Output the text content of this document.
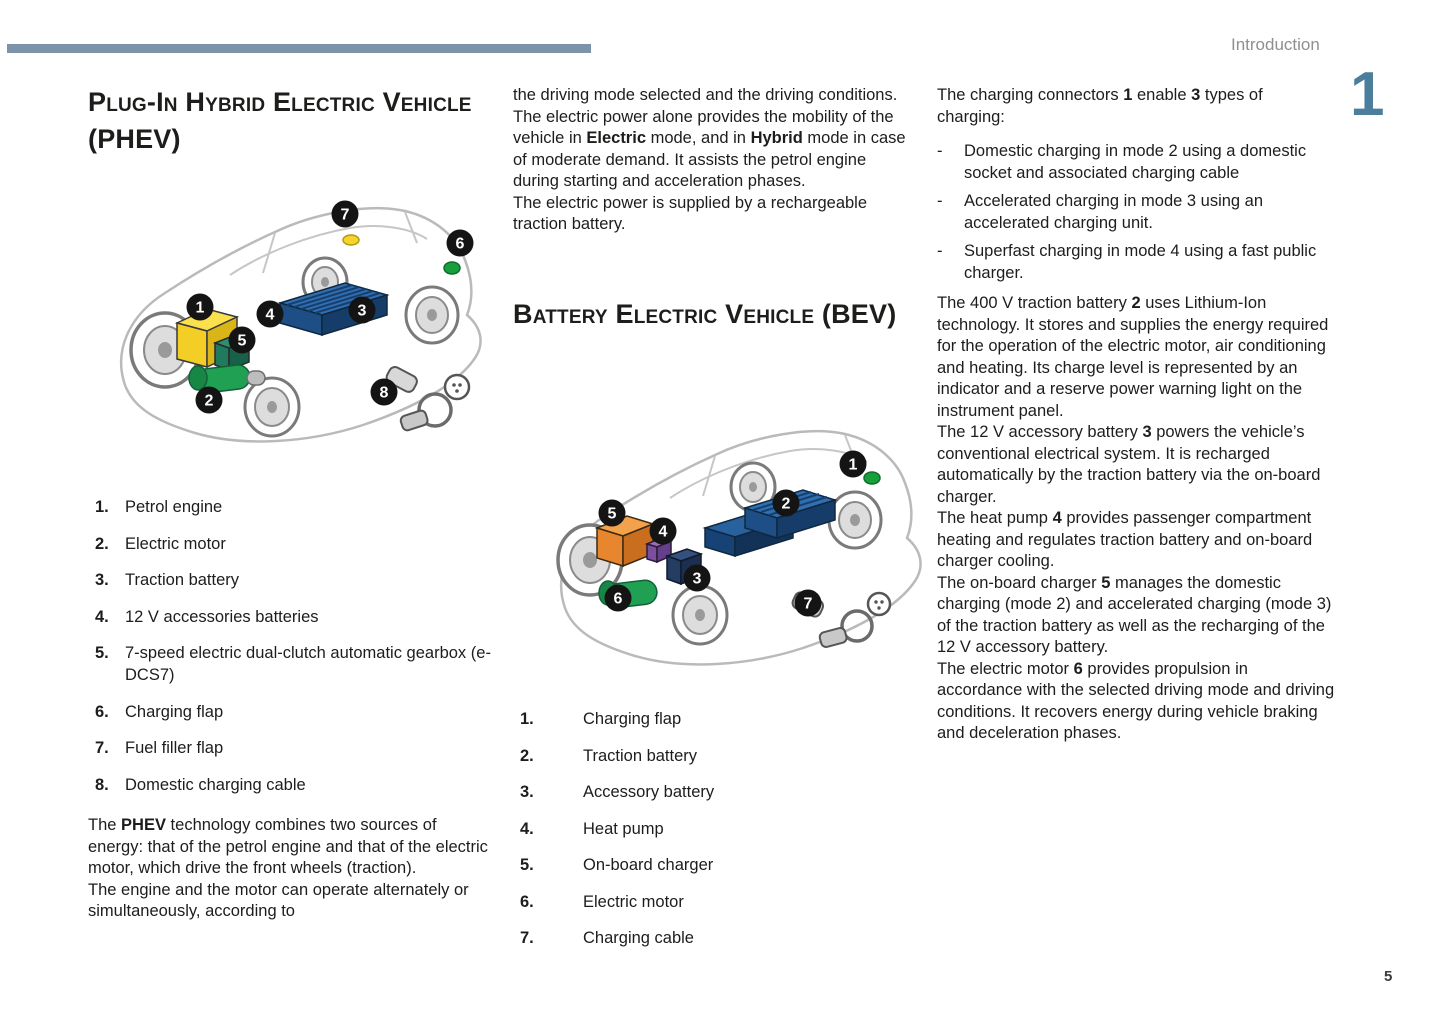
Introduction
1
5
Plug-In Hybrid Electric Vehicle (PHEV)
7
6
1	4	3
5
2	8
1. Petrol engine
2. Electric motor
3. Traction battery
4. 12 V accessories batteries
5. 7-speed electric dual-clutch automatic gearbox (e-DCS7)
6. Charging flap
7. Fuel filler flap
8. Domestic charging cable

The PHEV technology combines two sources of energy: that of the petrol engine and that of the electric motor, which drive the front wheels (traction).

The engine and the motor can operate alternately or simultaneously, according to

the driving mode selected and the driving conditions.

The electric power alone provides the mobility of the vehicle in Electric mode, and in Hybrid mode in case of moderate demand. It assists the petrol engine during starting and acceleration phases.

The electric power is supplied by a rechargeable traction battery.

Battery Electric Vehicle (BEV)
1
2
5
4
3
6	7
1.	Charging flap
2.	Traction battery
3.	Accessory battery
4.	Heat pump
5.	On-board charger
6.	Electric motor
7.	Charging cable

The charging connectors 1 enable 3 types of charging:

-	Domestic charging in mode 2 using a domestic socket and associated charging cable
-	Accelerated charging in mode 3 using an accelerated charging unit.
-	Superfast charging in mode 4 using a fast public charger.

The 400 V traction battery 2 uses Lithium-Ion technology. It stores and supplies the energy required for the operation of the electric motor, air conditioning and heating. Its charge level is represented by an indicator and a reserve power warning light on the instrument panel.

The 12 V accessory battery 3 powers the vehicle’s conventional electrical system. It is recharged automatically by the traction battery via the on-board charger.

The heat pump 4 provides passenger compartment heating and regulates traction battery and on-board charger cooling.

The on-board charger 5 manages the domestic charging (mode 2) and accelerated charging (mode 3) of the traction battery as well as the recharging of the 12 V accessory battery.

The electric motor 6 provides propulsion in accordance with the selected driving mode and driving conditions. It recovers energy during vehicle braking and deceleration phases.
